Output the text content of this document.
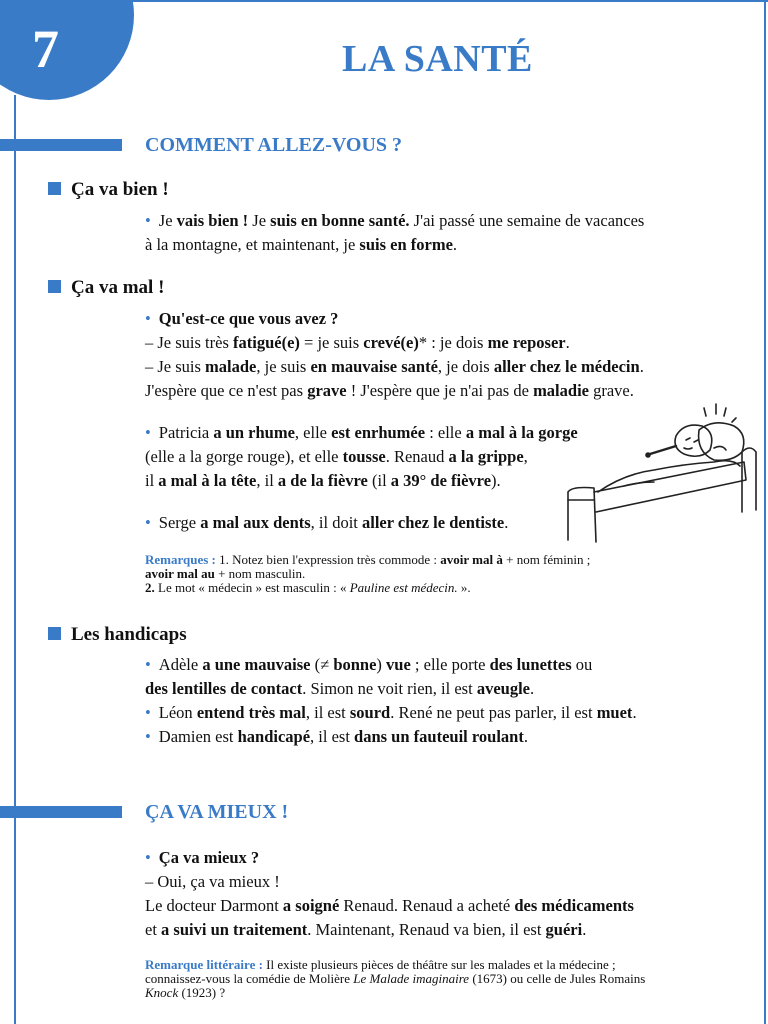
7	LA SANTÉ
COMMENT ALLEZ-VOUS ?
Ça va bien !

• Je vais bien ! Je suis en bonne santé. J'ai passé une semaine de vacances

à la montagne, et maintenant, je suis en forme.

Ça va mal !

• Qu'est-ce que vous avez ?

– Je suis très fatigué(e) = je suis crevé(e)* : je dois me reposer.

– Je suis malade, je suis en mauvaise santé, je dois aller chez le médecin.

J'espère que ce n'est pas grave ! J'espère que je n'ai pas de maladie grave.

• Patricia a un rhume, elle est enrhumée : elle a mal à la gorge

(elle a la gorge rouge), et elle tousse. Renaud a la grippe,

il a mal à la tête, il a de la fièvre (il a 39° de fièvre).

• Serge a mal aux dents, il doit aller chez le dentiste.

Remarques : 1. Notez bien l'expression très commode : avoir mal à + nom féminin ;
avoir mal au + nom masculin.
2. Le mot « médecin » est masculin : « Pauline est médecin. ».
Les handicaps

• Adèle a une mauvaise (≠ bonne) vue ; elle porte des lunettes ou

des lentilles de contact. Simon ne voit rien, il est aveugle.

• Léon entend très mal, il est sourd. René ne peut pas parler, il est muet.

• Damien est handicapé, il est dans un fauteuil roulant.

ÇA VA MIEUX !

• Ça va mieux ?

– Oui, ça va mieux !

Le docteur Darmont a soigné Renaud. Renaud a acheté des médicaments

et a suivi un traitement. Maintenant, Renaud va bien, il est guéri.

Remarque littéraire : Il existe plusieurs pièces de théâtre sur les malades et la médecine ;
connaissez-vous la comédie de Molière Le Malade imaginaire (1673) ou celle de Jules Romains
Knock (1923) ?
